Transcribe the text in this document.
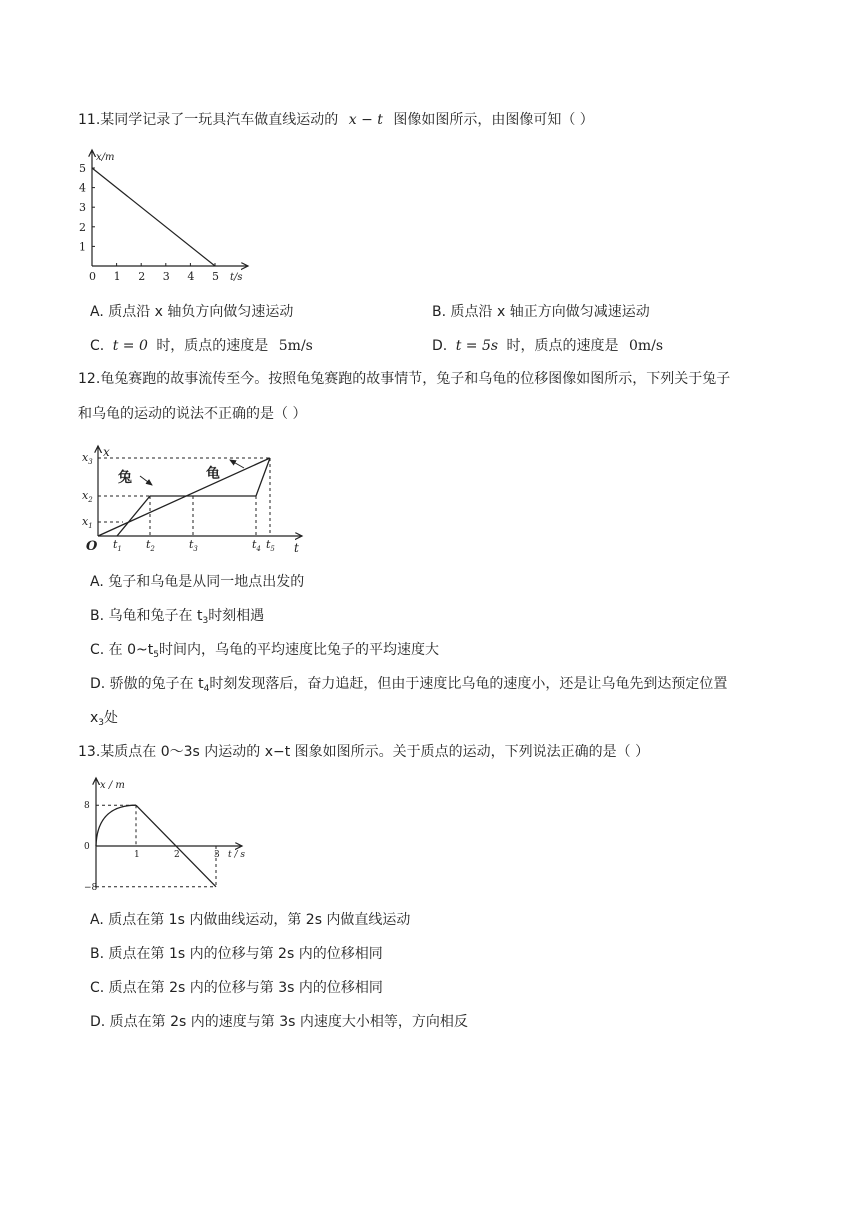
11.某同学记录了一玩具汽车做直线运动的 x − t 图像如图所示，由图像可知（ ）
x/m
t/s
0 1 2 3 4 5
1
2
3
4
5
A. 质点沿 x 轴负方向做匀速运动	B. 质点沿 x 轴正方向做匀减速运动
C. t = 0 时，质点的速度是 5m/s	D. t = 5s 时，质点的速度是 0m/s
12.龟兔赛跑的故事流传至今。按照龟兔赛跑的故事情节，兔子和乌龟的位移图像如图所示，下列关于兔子
和乌龟的运动的说法不正确的是（ ）
x
t
O $t_1$ $t_2$	$t_3$	$t_4$ $t_5$
$x_1$
$x_2$
$x_3$
兔	龟
A. 兔子和乌龟是从同一地点出发的
B. 乌龟和兔子在 $t_3$时刻相遇
C. 在 $0\sim t_5$时间内，乌龟的平均速度比兔子的平均速度大
D. 骄傲的兔子在 $t_4$时刻发现落后，奋力追赶，但由于速度比乌龟的速度小，还是让乌龟先到达预定位置
$x_3$处
13.某质点在 0～3s 内运动的 x−t 图象如图所示。关于质点的运动，下列说法正确的是（ ）
x / m
t / s
1	2	3
8
0
−8
A. 质点在第 1s 内做曲线运动，第 2s 内做直线运动
B. 质点在第 1s 内的位移与第 2s 内的位移相同
C. 质点在第 2s 内的位移与第 3s 内的位移相同
D. 质点在第 2s 内的速度与第 3s 内速度大小相等，方向相反
